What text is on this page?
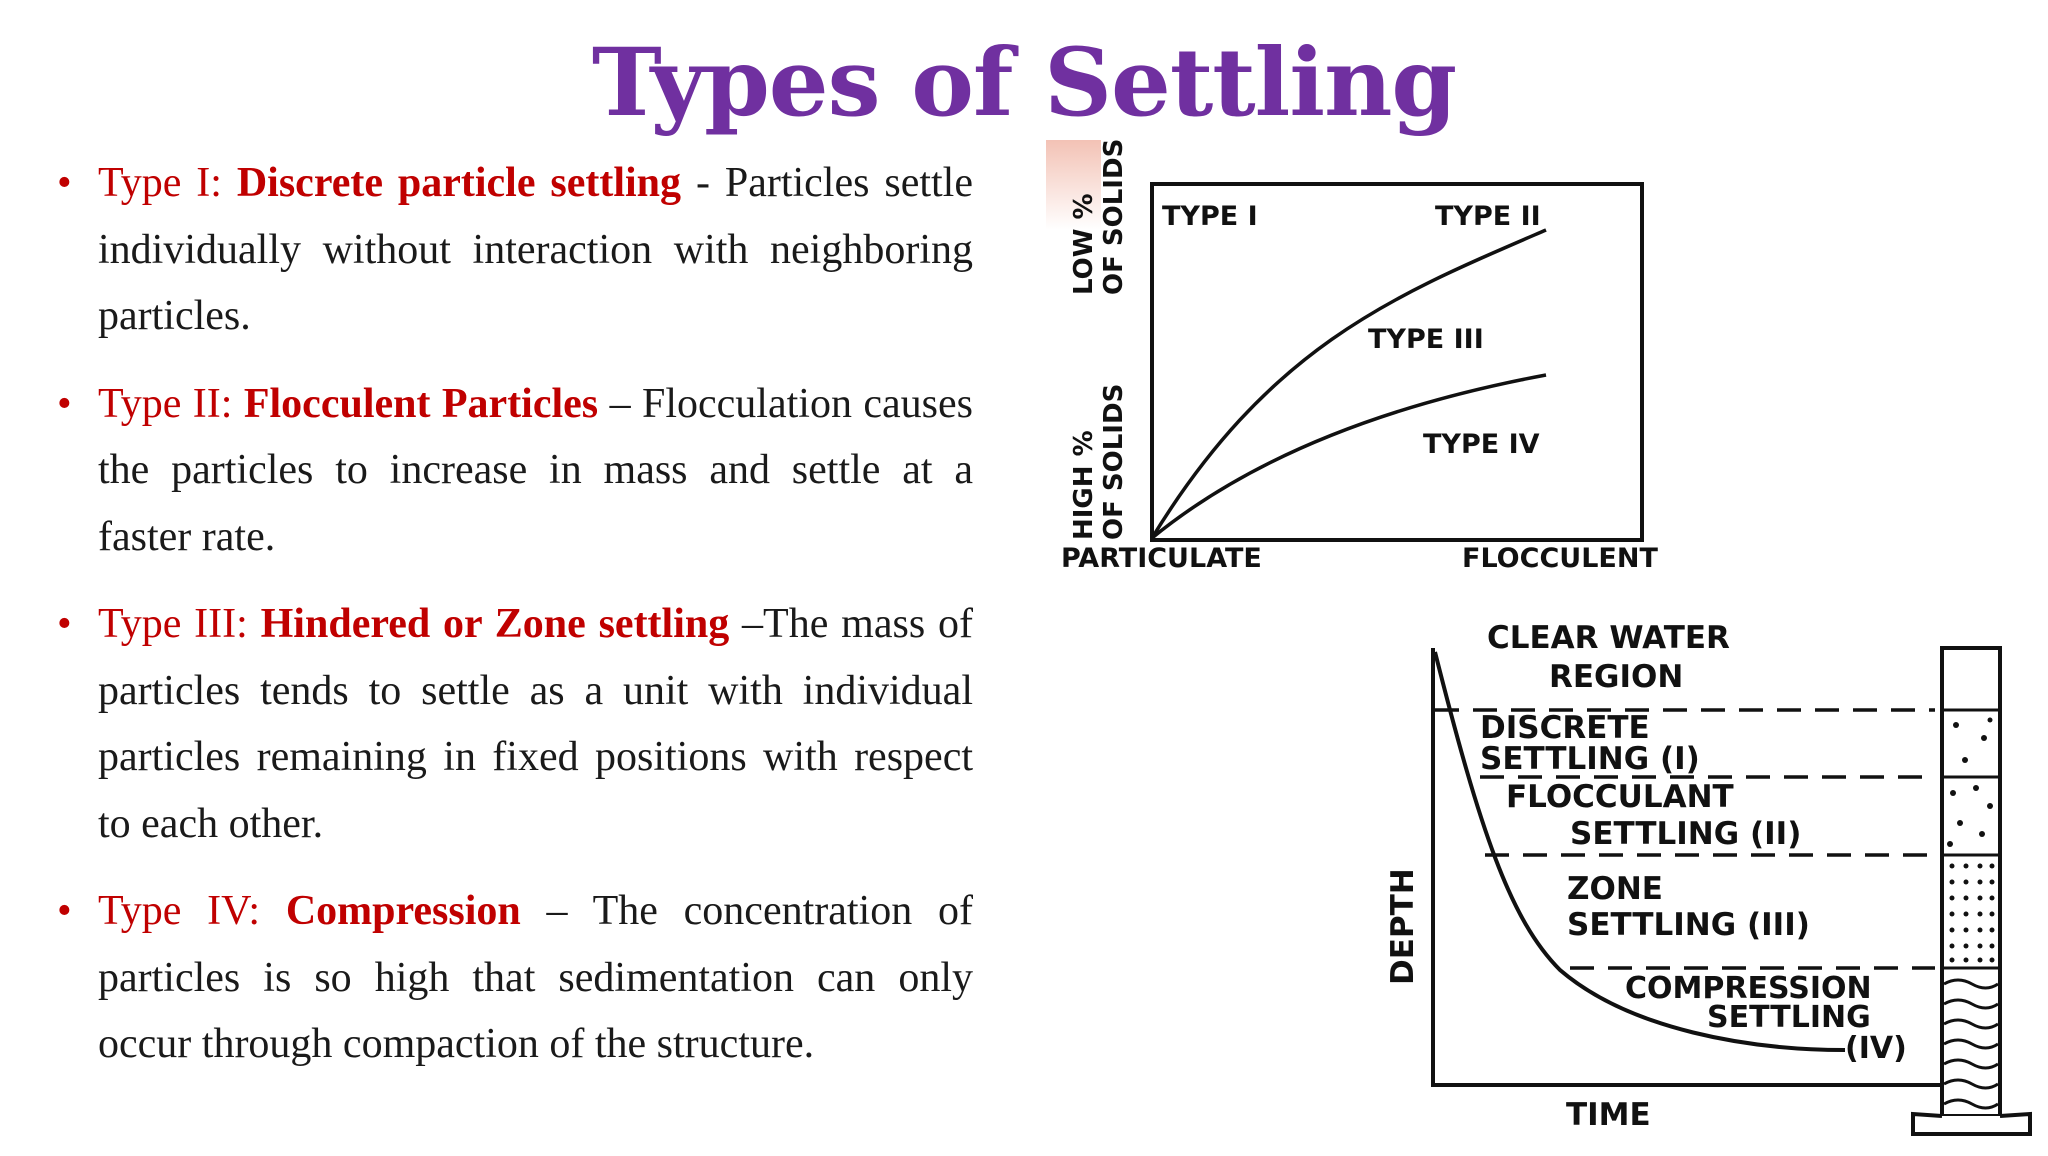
Types of Settling
• Type I: Discrete particle settling - Particles settle individually without interaction with neighboring particles.
• Type II: Flocculent Particles – Flocculation causes the particles to increase in mass and settle at a faster rate.
• Type III: Hindered or Zone settling –The mass of particles tends to settle as a unit with individual particles remaining in fixed positions with respect to each other.
• Type IV: Compression – The concentration of particles is so high that sedimentation can only occur through compaction of the structure.
TYPE I	TYPE II
TYPE III
TYPE IV
PARTICULATE	FLOCCULENT
LOW % OF SOLIDS
HIGH % OF SOLIDS
CLEAR WATER
REGION
DISCRETE
SETTLING (I)
FLOCCULANT
SETTLING (II)
ZONE
SETTLING (III)
COMPRESSION
SETTLING
(IV)
TIME
DEPTH
